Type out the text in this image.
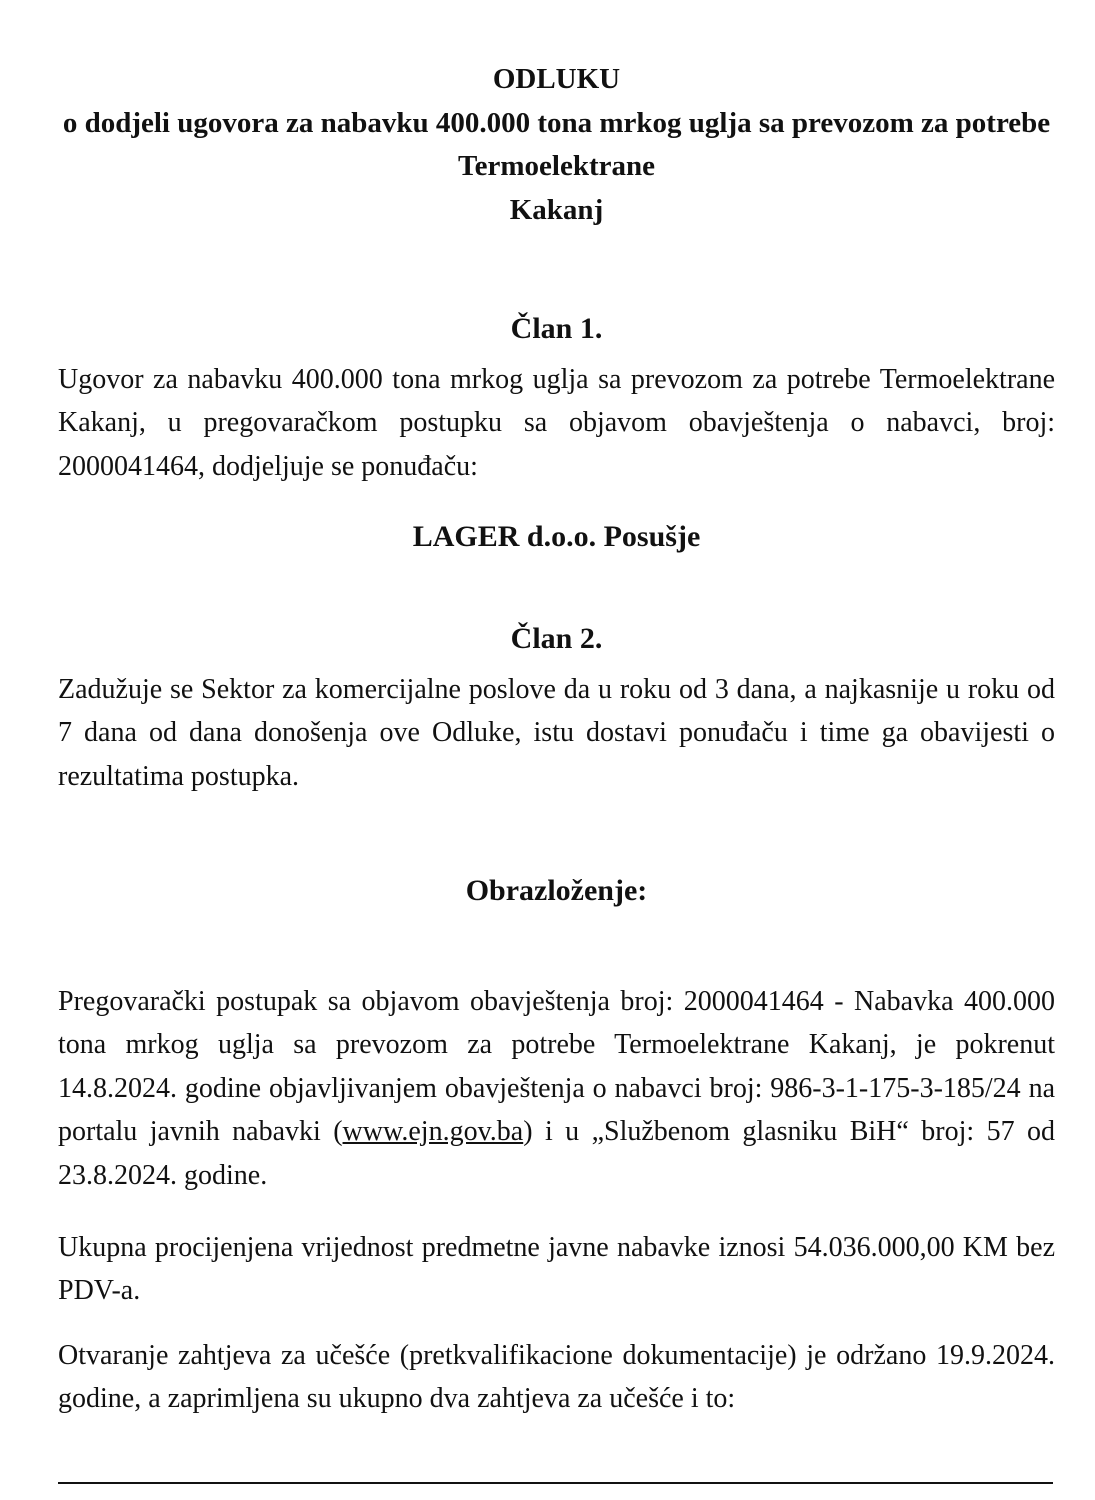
ODLUKU
o dodjeli ugovora za nabavku 400.000 tona mrkog uglja sa prevozom za potrebe Termoelektrane
Kakanj
Član 1.
Ugovor za nabavku 400.000 tona mrkog uglja sa prevozom za potrebe Termoelektrane Kakanj, u pregovaračkom postupku sa objavom obavještenja o nabavci, broj: 2000041464, dodjeljuje se ponuđaču:
LAGER d.o.o. Posušje
Član 2.
Zadužuje se Sektor za komercijalne poslove da u roku od 3 dana, a najkasnije u roku od 7 dana od dana donošenja ove Odluke, istu dostavi ponuđaču i time ga obavijesti o rezultatima postupka.
Obrazloženje:
Pregovarački postupak sa objavom obavještenja broj: 2000041464 - Nabavka 400.000 tona mrkog uglja sa prevozom za potrebe Termoelektrane Kakanj, je pokrenut 14.8.2024. godine objavljivanjem obavještenja o nabavci broj: 986-3-1-175-3-185/24 na portalu javnih nabavki (www.ejn.gov.ba) i u „Službenom glasniku BiH“ broj: 57 od 23.8.2024. godine.
Ukupna procijenjena vrijednost predmetne javne nabavke iznosi 54.036.000,00 KM bez PDV-a.
Otvaranje zahtjeva za učešće (pretkvalifikacione dokumentacije) je održano 19.9.2024. godine, a zaprimljena su ukupno dva zahtjeva za učešće i to:
